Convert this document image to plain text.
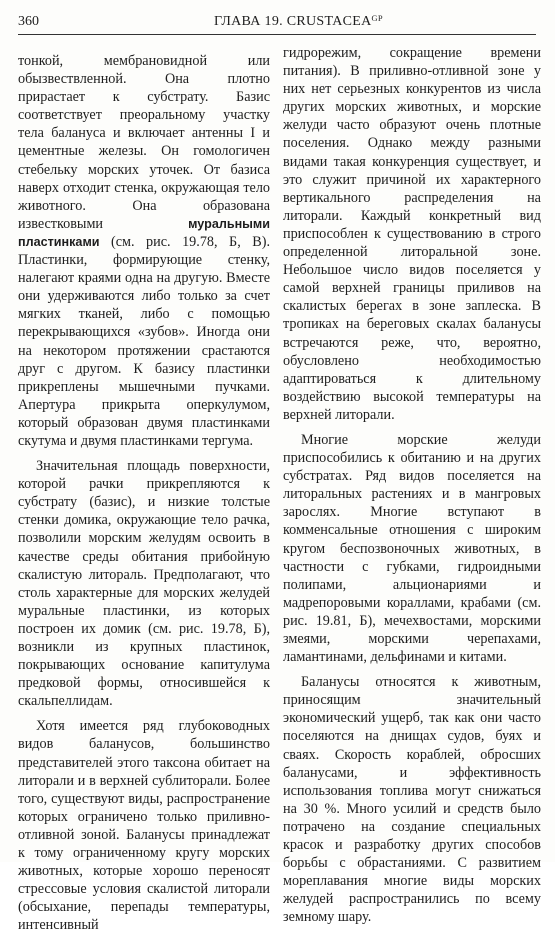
360	ГЛАВА 19. CRUSTACEAᴳᴾ

тонкой, мембрановидной или обызвествленной. Она плотно прирастает к субстрату. Базис соответствует преоральному участку тела балануса и включает антенны I и цементные железы. Он гомологичен стебельку морских уточек. От базиса наверх отходит стенка, окружающая тело животного. Она образована известковыми муральными пластинками (см. рис. 19.78, Б, В). Пластинки, формирующие стенку, налегают краями одна на другую. Вместе они удерживаются либо только за счет мягких тканей, либо с помощью перекрывающихся «зубов». Иногда они на некотором протяжении срастаются друг с другом. К базису пластинки прикреплены мышечными пучками. Апертура прикрыта оперкулумом, который образован двумя пластинками скутума и двумя пластинками тергума.

Значительная площадь поверхности, которой рачки прикрепляются к субстрату (базис), и низкие толстые стенки домика, окружающие тело рачка, позволили морским желудям освоить в качестве среды обитания прибойную скалистую литораль. Предполагают, что столь характерные для морских желудей муральные пластинки, из которых построен их домик (см. рис. 19.78, Б), возникли из крупных пластинок, покрывающих основание капитулума предковой формы, относившейся к скальпеллидам.

Хотя имеется ряд глубоководных видов баланусов, большинство представителей этого таксона обитает на литорали и в верхней сублиторали. Более того, существуют виды, распространение которых ограничено только приливно-отливной зоной. Баланусы принадлежат к тому ограниченному кругу морских животных, которые хорошо переносят стрессовые условия скалистой литорали (обсыхание, перепады температуры, интенсивный

гидрорежим, сокращение времени питания). В приливно-отливной зоне у них нет серьезных конкурентов из числа других морских животных, и морские желуди часто образуют очень плотные поселения. Однако между разными видами такая конкуренция существует, и это служит причиной их характерного вертикального распределения на литорали. Каждый конкретный вид приспособлен к существованию в строго определенной литоральной зоне. Небольшое число видов поселяется у самой верхней границы приливов на скалистых берегах в зоне заплеска. В тропиках на береговых скалах баланусы встречаются реже, что, вероятно, обусловлено необходимостью адаптироваться к длительному воздействию высокой температуры на верхней литорали.

Многие морские желуди приспособились к обитанию и на других субстратах. Ряд видов поселяется на литоральных растениях и в мангровых зарослях. Многие вступают в комменсальные отношения с широким кругом беспозвоночных животных, в частности с губками, гидроидными полипами, альционариями и мадрепоровыми кораллами, крабами (см. рис. 19.81, Б), мечехвостами, морскими змеями, морскими черепахами, ламантинами, дельфинами и китами.

Баланусы относятся к животным, приносящим значительный экономический ущерб, так как они часто поселяются на днищах судов, буях и сваях. Скорость кораблей, обросших баланусами, и эффективность использования топлива могут снижаться на 30 %. Много усилий и средств было потрачено на создание специальных красок и разработку других способов борьбы с обрастаниями. С развитием мореплавания многие виды морских желудей распространились по всему земному шару.
